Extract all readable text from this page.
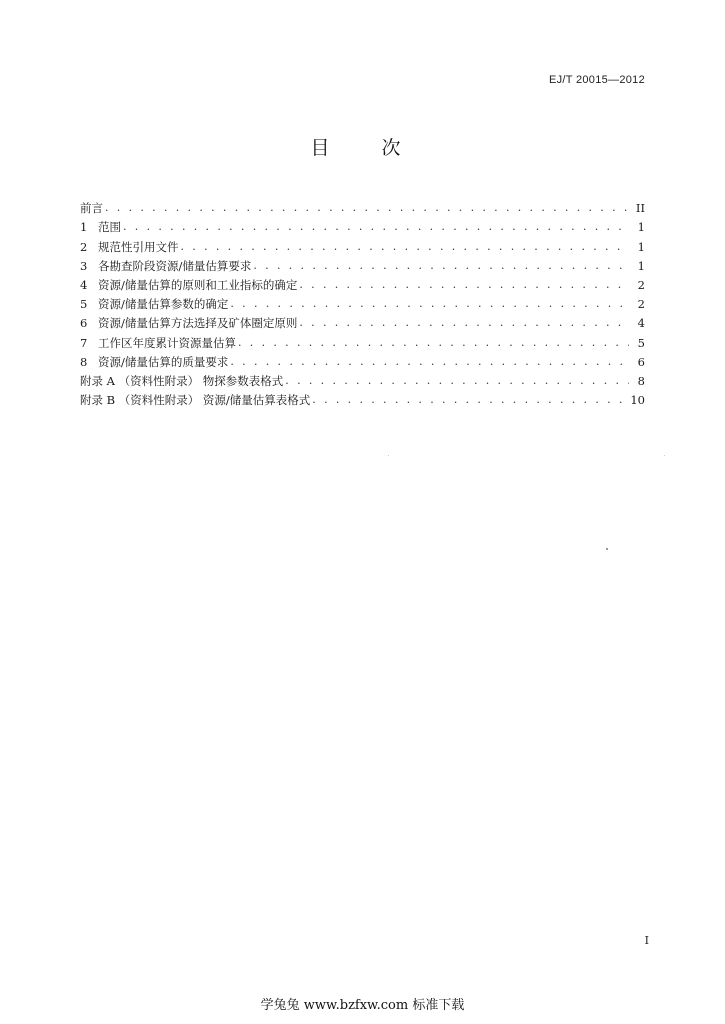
EJ/T 20015—2012
目 次
前言 . . .	II
1 范围 . . .	1
2 规范性引用文件 . . .	1
3 各勘查阶段资源/储量估算要求 . . .	1
4 资源/储量估算的原则和工业指标的确定 . . .	2
5 资源/储量估算参数的确定 . . .	2
6 资源/储量估算方法选择及矿体圈定原则 . . .	4
7 工作区年度累计资源量估算 . . .	5
8 资源/储量估算的质量要求 . . .	6
附录 A （资料性附录） 物探参数表格式 . . .	8
附录 B （资料性附录） 资源/储量估算表格式 . . .	10
I
学兔兔 www.bzfxw.com 标准下载
